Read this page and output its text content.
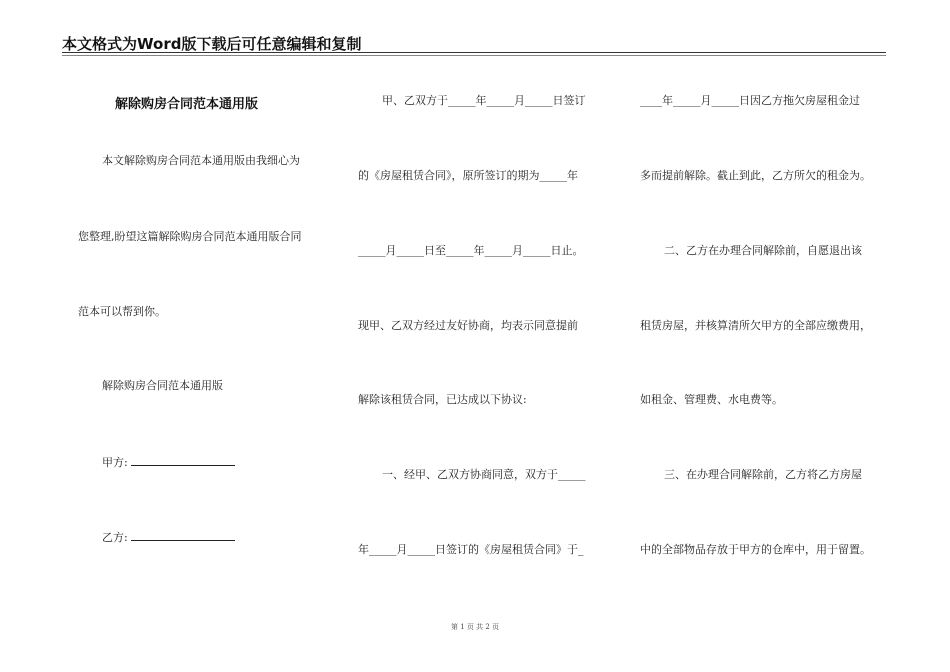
本文格式为Word版下载后可任意编辑和复制
解除购房合同范本通用版
本文解除购房合同范本通用版由我细心为
您整理,盼望这篇解除购房合同范本通用版合同
范本可以帮到你。
解除购房合同范本通用版
甲方:
乙方:
甲、乙双方于_____年_____月_____日签订
的《房屋租赁合同》，原所签订的期为_____年
_____月_____日至_____年_____月_____日止。
现甲、乙双方经过友好协商，均表示同意提前
解除该租赁合同，已达成以下协议:
一、经甲、乙双方协商同意，双方于_____
年_____月_____日签订的《房屋租赁合同》于_
____年_____月_____日因乙方拖欠房屋租金过
多而提前解除。截止到此，乙方所欠的租金为。
二、乙方在办理合同解除前，自愿退出该
租赁房屋，并核算清所欠甲方的全部应缴费用，
如租金、管理费、水电费等。
三、在办理合同解除前，乙方将乙方房屋
中的全部物品存放于甲方的仓库中，用于留置。
第 1 页 共 2 页
